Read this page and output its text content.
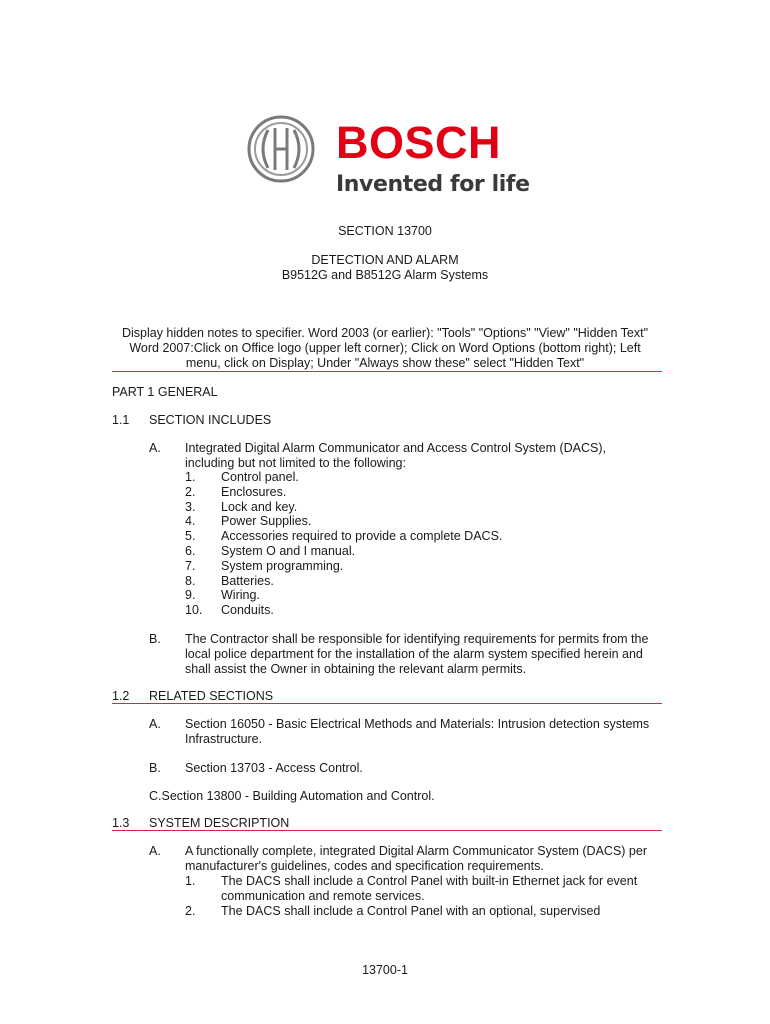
BOSCH
Invented for life
SECTION 13700
DETECTION AND ALARM
B9512G and B8512G Alarm Systems
Display hidden notes to specifier. Word 2003 (or earlier): "Tools" "Options" "View" "Hidden Text"
Word 2007:Click on Office logo (upper left corner); Click on Word Options (bottom right); Left
menu, click on Display; Under "Always show these" select "Hidden Text"
PART 1 GENERAL
1.1 SECTION INCLUDES
A. Integrated Digital Alarm Communicator and Access Control System (DACS),
including but not limited to the following:
1. Control panel.
2. Enclosures.
3. Lock and key.
4. Power Supplies.
5. Accessories required to provide a complete DACS.
6. System O and I manual.
7. System programming.
8. Batteries.
9. Wiring.
10. Conduits.
B. The Contractor shall be responsible for identifying requirements for permits from the
local police department for the installation of the alarm system specified herein and
shall assist the Owner in obtaining the relevant alarm permits.
1.2 RELATED SECTIONS
A. Section 16050 - Basic Electrical Methods and Materials: Intrusion detection systems
Infrastructure.
B. Section 13703 - Access Control.
C.Section 13800 - Building Automation and Control.
1.3 SYSTEM DESCRIPTION
A. A functionally complete, integrated Digital Alarm Communicator System (DACS) per
manufacturer's guidelines, codes and specification requirements.
1. The DACS shall include a Control Panel with built-in Ethernet jack for event
communication and remote services.
2. The DACS shall include a Control Panel with an optional, supervised
13700-1
